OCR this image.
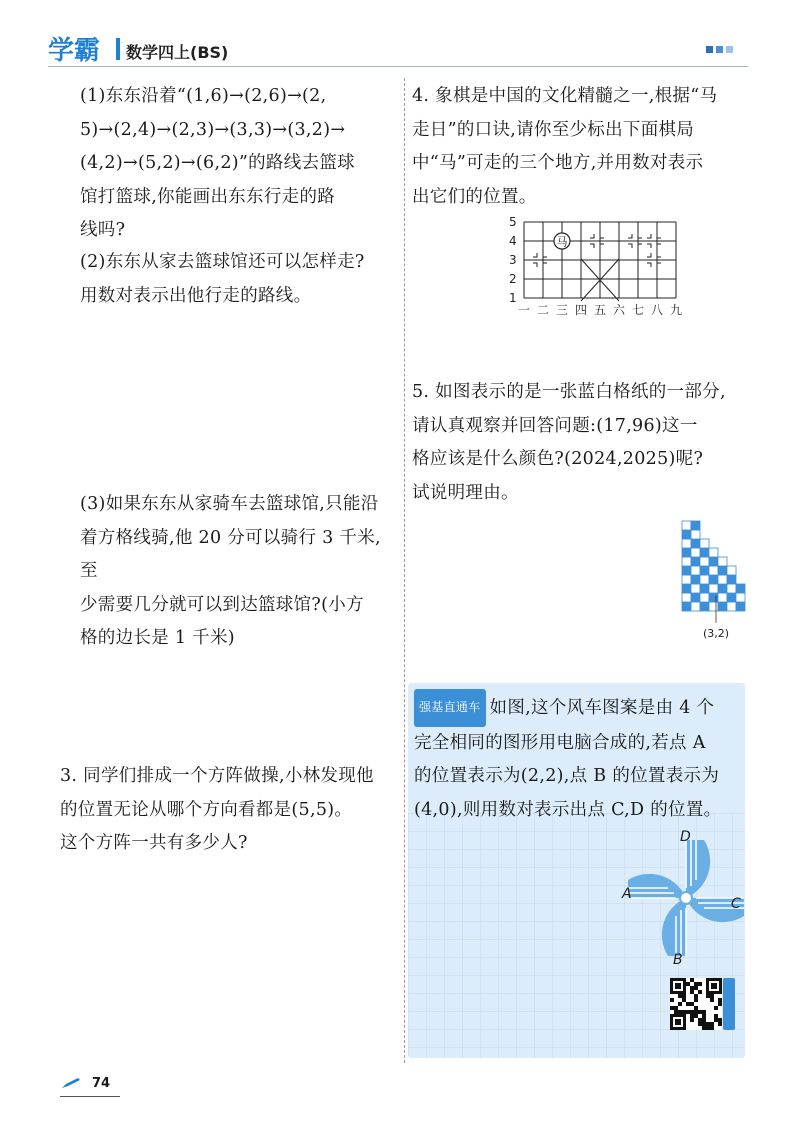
学霸 数学四上(BS)

(1)东东沿着“(1,6)→(2,6)→(2,

5)→(2,4)→(2,3)→(3,3)→(3,2)→

(4,2)→(5,2)→(6,2)”的路线去篮球

馆打篮球,你能画出东东行走的路

线吗?

(2)东东从家去篮球馆还可以怎样走?

用数对表示出他行走的路线。

(3)如果东东从家骑车去篮球馆,只能沿

着方格线骑,他 20 分可以骑行 3 千米,至

少需要几分就可以到达篮球馆?(小方

格的边长是 1 千米)

3. 同学们排成一个方阵做操,小林发现他

的位置无论从哪个方向看都是(5,5)。

这个方阵一共有多少人?

4. 象棋是中国的文化精髓之一,根据“马

走日”的口诀,请你至少标出下面棋局

中“马”可走的三个地方,并用数对表示

出它们的位置。

5
4
3
2
1
一 二 三 四 五 六 七 八 九
马

5. 如图表示的是一张蓝白格纸的一部分,

请认真观察并回答问题:(17,96)这一

格应该是什么颜色?(2024,2025)呢?

试说明理由。

(3,2)

强基直通车 如图,这个风车图案是由 4 个

完全相同的图形用电脑合成的,若点 A

的位置表示为(2,2),点 B 的位置表示为

(4,0),则用数对表示出点 C,D 的位置。

D
A
C
B
74
